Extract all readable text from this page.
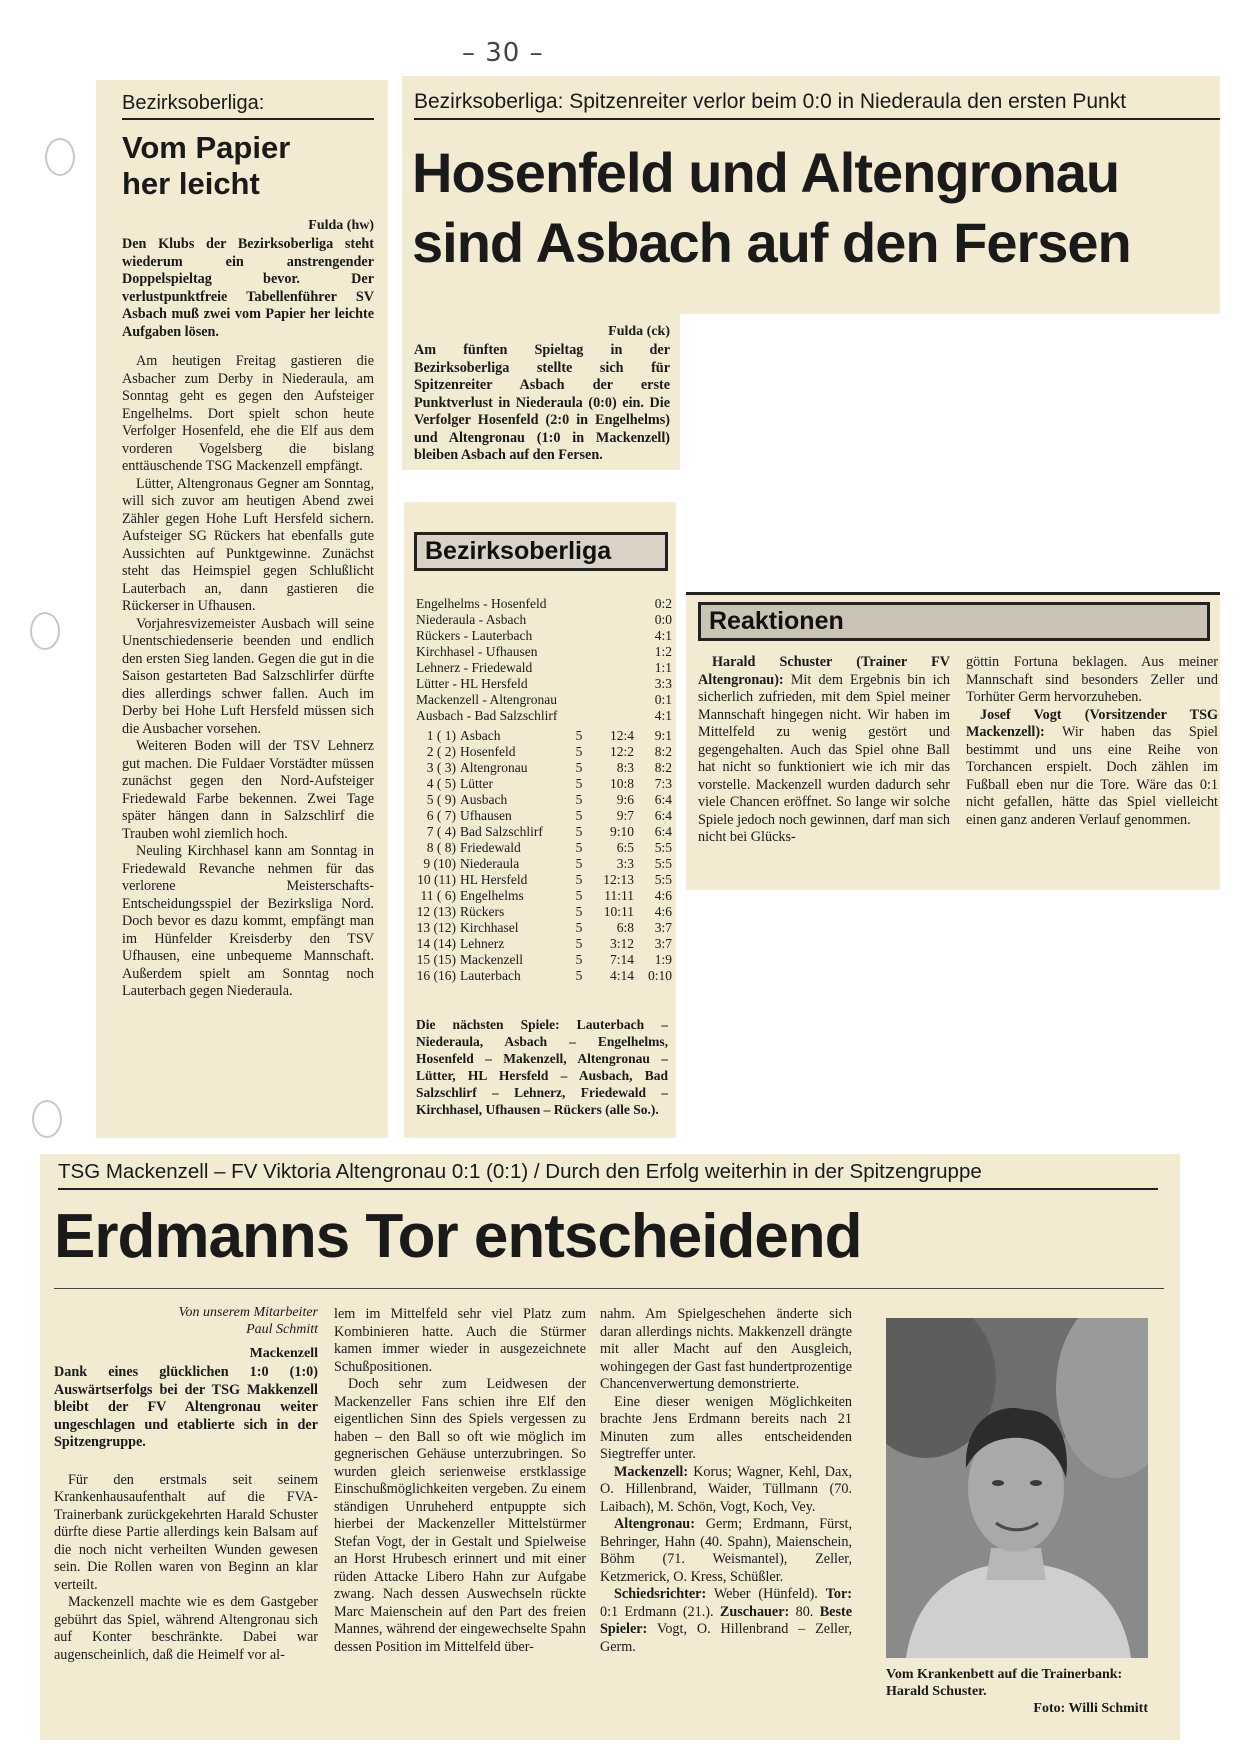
– 30 –
Bezirksoberliga:
Vom Papier
her leicht

Fulda (hw)

Den Klubs der Bezirksoberliga steht wiederum ein anstrengender Doppelspieltag bevor. Der verlustpunktfreie Tabellenführer SV Asbach muß zwei vom Papier her leichte Aufgaben lösen.

Am heutigen Freitag gastieren die Asbacher zum Derby in Niederaula, am Sonntag geht es gegen den Aufsteiger Engelhelms. Dort spielt schon heute Verfolger Hosenfeld, ehe die Elf aus dem vorderen Vogelsberg die bislang enttäuschende TSG Mackenzell empfängt.

Lütter, Altengronaus Gegner am Sonntag, will sich zuvor am heutigen Abend zwei Zähler gegen Hohe Luft Hersfeld sichern. Aufsteiger SG Rückers hat ebenfalls gute Aussichten auf Punktgewinne. Zunächst steht das Heimspiel gegen Schlußlicht Lauterbach an, dann gastieren die Rückerser in Ufhausen.

Vorjahresvizemeister Ausbach will seine Unentschiedenserie beenden und endlich den ersten Sieg landen. Gegen die gut in die Saison gestarteten Bad Salzschlirfer dürfte dies allerdings schwer fallen. Auch im Derby bei Hohe Luft Hersfeld müssen sich die Ausbacher vorsehen.

Weiteren Boden will der TSV Lehnerz gut machen. Die Fuldaer Vorstädter müssen zunächst gegen den Nord-Aufsteiger Friedewald Farbe bekennen. Zwei Tage später hängen dann in Salzschlirf die Trauben wohl ziemlich hoch.

Neuling Kirchhasel kann am Sonntag in Friedewald Revanche nehmen für das verlorene Meisterschafts-Entscheidungsspiel der Bezirksliga Nord. Doch bevor es dazu kommt, empfängt man im Hünfelder Kreisderby den TSV Ufhausen, eine unbequeme Mannschaft. Außerdem spielt am Sonntag noch Lauterbach gegen Niederaula.

Bezirksoberliga: Spitzenreiter verlor beim 0:0 in Niederaula den ersten Punkt
Hosenfeld und Altengronau
sind Asbach auf den Fersen

Fulda (ck)

Am fünften Spieltag in der Bezirksoberliga stellte sich für Spitzenreiter Asbach der erste Punktverlust in Niederaula (0:0) ein. Die Verfolger Hosenfeld (2:0 in Engelhelms) und Altengronau (1:0 in Mackenzell) bleiben Asbach auf den Fersen.

Bezirksoberliga
Engelhelms - Hosenfeld	0:2
Niederaula - Asbach	0:0
Rückers - Lauterbach	4:1
Kirchhasel - Ufhausen	1:2
Lehnerz - Friedewald	1:1
Lütter - HL Hersfeld	3:3
Mackenzell - Altengronau	0:1
Ausbach - Bad Salzschlirf	4:1
1 ( 1)	Asbach	5	12:4	9:1
2 ( 2)	Hosenfeld	5	12:2	8:2
3 ( 3)	Altengronau	5	8:3	8:2
4 ( 5)	Lütter	5	10:8	7:3
5 ( 9)	Ausbach	5	9:6	6:4
6 ( 7)	Ufhausen	5	9:7	6:4
7 ( 4)	Bad Salzschlirf	5	9:10	6:4
8 ( 8)	Friedewald	5	6:5	5:5
9 (10)	Niederaula	5	3:3	5:5
10 (11)	HL Hersfeld	5	12:13	5:5
11 ( 6)	Engelhelms	5	11:11	4:6
12 (13)	Rückers	5	10:11	4:6
13 (12)	Kirchhasel	5	6:8	3:7
14 (14)	Lehnerz	5	3:12	3:7
15 (15)	Mackenzell	5	7:14	1:9
16 (16)	Lauterbach	5	4:14	0:10

Die nächsten Spiele: Lauterbach – Niederaula, Asbach – Engelhelms, Hosenfeld – Makenzell, Altengronau – Lütter, HL Hersfeld – Ausbach, Bad Salzschlirf – Lehnerz, Friedewald – Kirchhasel, Ufhausen – Rückers (alle So.).

Reaktionen

Harald Schuster (Trainer FV Altengronau): Mit dem Ergebnis bin ich sicherlich zufrieden, mit dem Spiel meiner Mannschaft hingegen nicht. Wir haben im Mittelfeld zu wenig gestört und gegengehalten. Auch das Spiel ohne Ball hat nicht so funktioniert wie ich mir das vorstelle. Mackenzell wurden dadurch sehr viele Chancen eröffnet. So lange wir solche Spiele jedoch noch gewinnen, darf man sich nicht bei Glücks-

göttin Fortuna beklagen. Aus meiner Mannschaft sind besonders Zeller und Torhüter Germ hervorzuheben.

Josef Vogt (Vorsitzender TSG Mackenzell): Wir haben das Spiel bestimmt und uns eine Reihe von Torchancen erspielt. Doch zählen im Fußball eben nur die Tore. Wäre das 0:1 nicht gefallen, hätte das Spiel vielleicht einen ganz anderen Verlauf genommen.

TSG Mackenzell – FV Viktoria Altengronau 0:1 (0:1) / Durch den Erfolg weiterhin in der Spitzengruppe
Erdmanns Tor entscheidend
Von unserem Mitarbeiter
Paul Schmitt

Mackenzell

Dank eines glücklichen 1:0 (1:0) Auswärtserfolgs bei der TSG Makkenzell bleibt der FV Altengronau weiter ungeschlagen und etablierte sich in der Spitzengruppe.

Für den erstmals seit seinem Krankenhausaufenthalt auf die FVA-Trainerbank zurückgekehrten Harald Schuster dürfte diese Partie allerdings kein Balsam auf die noch nicht verheilten Wunden gewesen sein. Die Rollen waren von Beginn an klar verteilt.

Mackenzell machte wie es dem Gastgeber gebührt das Spiel, während Altengronau sich auf Konter beschränkte. Dabei war augenscheinlich, daß die Heimelf vor al-

lem im Mittelfeld sehr viel Platz zum Kombinieren hatte. Auch die Stürmer kamen immer wieder in ausgezeichnete Schußpositionen.

Doch sehr zum Leidwesen der Mackenzeller Fans schien ihre Elf den eigentlichen Sinn des Spiels vergessen zu haben – den Ball so oft wie möglich im gegnerischen Gehäuse unterzubringen. So wurden gleich serienweise erstklassige Einschußmöglichkeiten vergeben. Zu einem ständigen Unruheherd entpuppte sich hierbei der Mackenzeller Mittelstürmer Stefan Vogt, der in Gestalt und Spielweise an Horst Hrubesch erinnert und mit einer rüden Attacke Libero Hahn zur Aufgabe zwang. Nach dessen Auswechseln rückte Marc Maienschein auf den Part des freien Mannes, während der eingewechselte Spahn dessen Position im Mittelfeld über-

nahm. Am Spielgeschehen änderte sich daran allerdings nichts. Makkenzell drängte mit aller Macht auf den Ausgleich, wohingegen der Gast fast hundertprozentige Chancenverwertung demonstrierte.

Eine dieser wenigen Möglichkeiten brachte Jens Erdmann bereits nach 21 Minuten zum alles entscheidenden Siegtreffer unter.

Mackenzell: Korus; Wagner, Kehl, Dax, O. Hillenbrand, Waider, Tüllmann (70. Laibach), M. Schön, Vogt, Koch, Vey.

Altengronau: Germ; Erdmann, Fürst, Behringer, Hahn (40. Spahn), Maienschein, Böhm (71. Weismantel), Zeller, Ketzmerick, O. Kress, Schüßler.

Schiedsrichter: Weber (Hünfeld). Tor: 0:1 Erdmann (21.). Zuschauer: 80. Beste Spieler: Vogt, O. Hillenbrand – Zeller, Germ.

Vom Krankenbett auf die Trainerbank: Harald Schuster.
Foto: Willi Schmitt
